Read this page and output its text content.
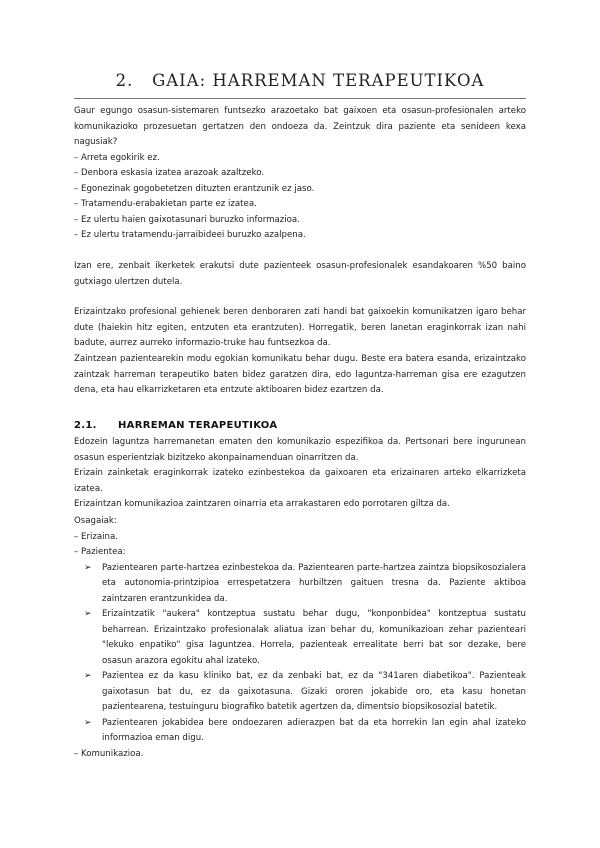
2.   GAIA: HARREMAN TERAPEUTIKOA

Gaur egungo osasun-sistemaren funtsezko arazoetako bat gaixoen eta osasun-profesionalen arteko komunikazioko prozesuetan gertatzen den ondoeza da. Zeintzuk dira paziente eta senideen kexa nagusiak?

– Arreta egokirik ez.
– Denbora eskasia izatea arazoak azaltzeko.
– Egonezinak gogobetetzen dituzten erantzunik ez jaso.
– Tratamendu-erabakietan parte ez izatea.
– Ez ulertu haien gaixotasunari buruzko informazioa.
– Ez ulertu tratamendu-jarraibideei buruzko azalpena.

Izan ere, zenbait ikerketek erakutsi dute pazienteek osasun-profesionalek esandakoaren %50 baino gutxiago ulertzen dutela.

Erizaintzako profesional gehienek beren denboraren zati handi bat gaixoekin komunikatzen igaro behar dute (haiekin hitz egiten, entzuten eta erantzuten). Horregatik, beren lanetan eraginkorrak izan nahi badute, aurrez aurreko informazio-truke hau funtsezkoa da.

Zaintzean pazientearekin modu egokian komunikatu behar dugu. Beste era batera esanda, erizaintzako zaintzak harreman terapeutiko baten bidez garatzen dira, edo laguntza-harreman gisa ere ezagutzen dena, eta hau elkarrizketaren eta entzute aktiboaren bidez ezartzen da.

2.1. HARREMAN TERAPEUTIKOA

Edozein laguntza harremanetan ematen den komunikazio espezifikoa da. Pertsonari bere ingurunean osasun esperientziak bizitzeko akonpainamenduan oinarritzen da.

Erizain zainketak eraginkorrak izateko ezinbestekoa da gaixoaren eta erizainaren arteko elkarrizketa izatea.

Erizaintzan komunikazioa zaintzaren oinarria eta arrakastaren edo porrotaren giltza da.

Osagaiak:
– Erizaina.
– Pazientea:
➢ Pazientearen parte-hartzea ezinbestekoa da. Pazientearen parte-hartzea zaintza biopsikosozialera eta autonomia-printzipioa errespetatzera hurbiltzen gaituen tresna da. Paziente aktiboa zaintzaren erantzunkidea da.
➢ Erizaintzatik "aukera" kontzeptua sustatu behar dugu, "konponbidea" kontzeptua sustatu beharrean. Erizaintzako profesionalak aliatua izan behar du, komunikazioan zehar pazienteari "lekuko enpatiko" gisa laguntzea. Horrela, pazienteak errealitate berri bat sor dezake, bere osasun arazora egokitu ahal izateko.
➢ Pazientea ez da kasu kliniko bat, ez da zenbaki bat, ez da "341aren diabetikoa". Pazienteak gaixotasun bat du, ez da gaixotasuna. Gizaki ororen jokabide oro, eta kasu honetan pazientearena, testuinguru biografiko batetik agertzen da, dimentsio biopsikosozial batetik.
➢ Pazientearen jokabidea bere ondoezaren adierazpen bat da eta horrekin lan egin ahal izateko informazioa eman digu.
– Komunikazioa.
